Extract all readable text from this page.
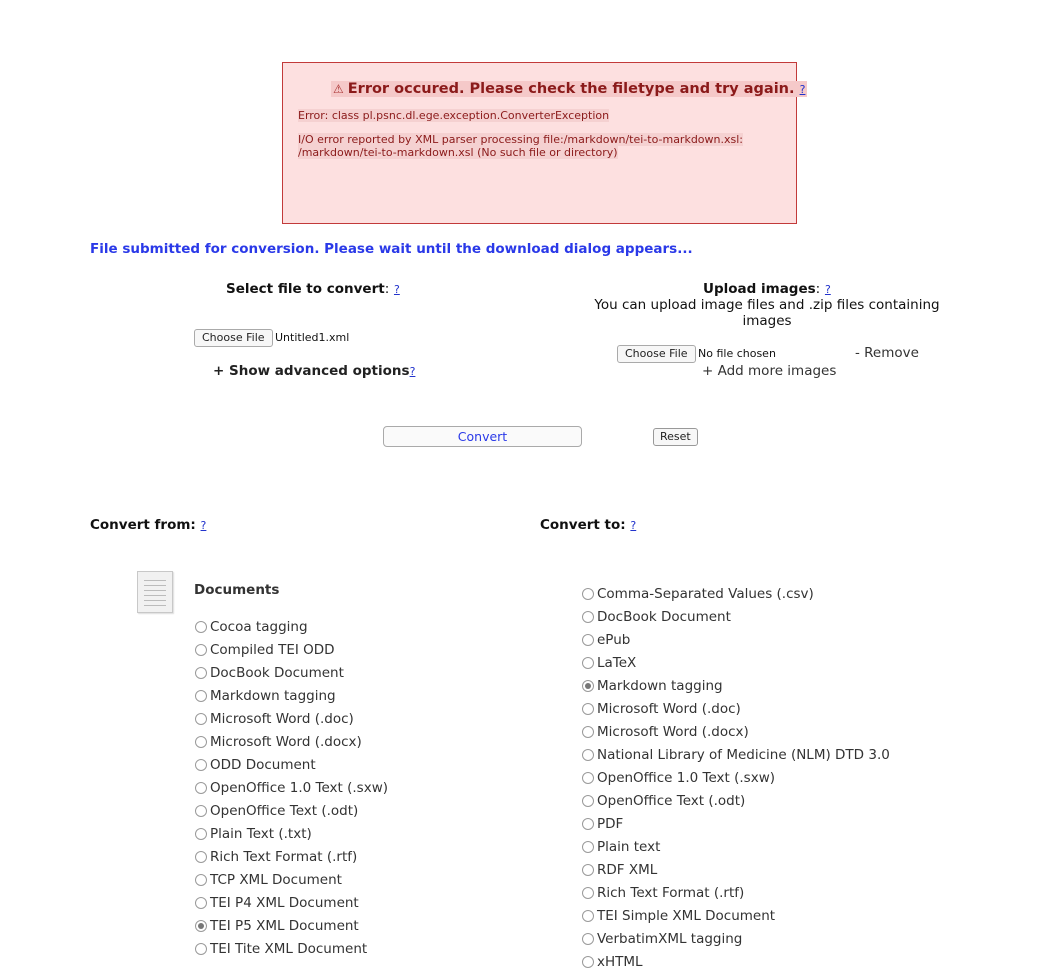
⚠ Error occured. Please check the filetype and try again. ?
Error: class pl.psnc.dl.ege.exception.ConverterException
I/O error reported by XML parser processing file:/markdown/tei-to-markdown.xsl:
/markdown/tei-to-markdown.xsl (No such file or directory)
File submitted for conversion. Please wait until the download dialog appears...
Select file to convert: ?
Choose File Untitled1.xml
+ Show advanced options?
Upload images: ?
You can upload image files and .zip files containing
images
Choose File No file chosen	- Remove
+ Add more images
Convert	Reset
Convert from: ?
Documents
Cocoa tagging
Compiled TEI ODD
DocBook Document
Markdown tagging
Microsoft Word (.doc)
Microsoft Word (.docx)
ODD Document
OpenOffice 1.0 Text (.sxw)
OpenOffice Text (.odt)
Plain Text (.txt)
Rich Text Format (.rtf)
TCP XML Document
TEI P4 XML Document
TEI P5 XML Document
TEI Tite XML Document
Convert to: ?
Comma-Separated Values (.csv)
DocBook Document
ePub
LaTeX
Markdown tagging
Microsoft Word (.doc)
Microsoft Word (.docx)
National Library of Medicine (NLM) DTD 3.0
OpenOffice 1.0 Text (.sxw)
OpenOffice Text (.odt)
PDF
Plain text
RDF XML
Rich Text Format (.rtf)
TEI Simple XML Document
VerbatimXML tagging
xHTML
